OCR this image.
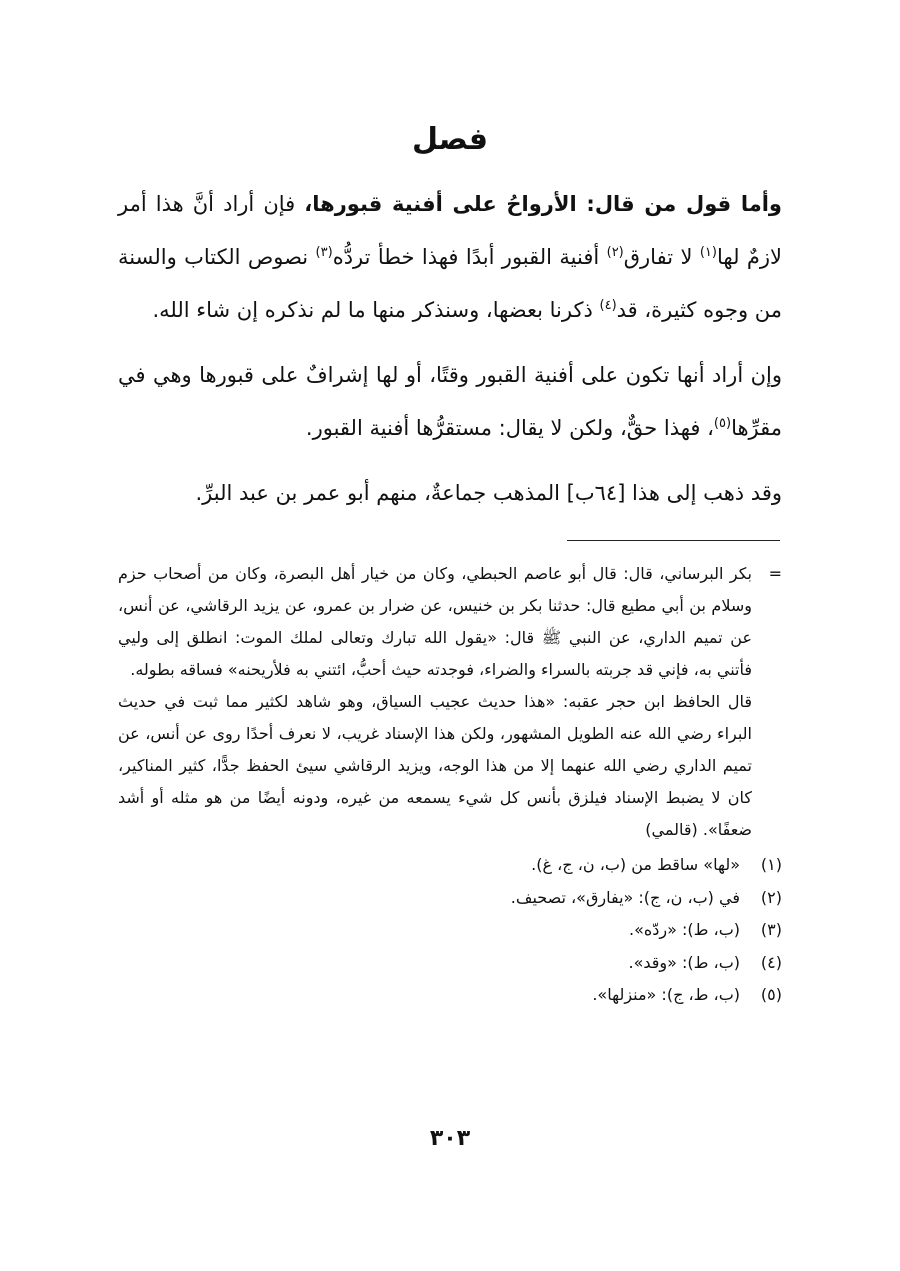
فصل

وأما قول من قال: الأرواحُ على أفنية قبورها، فإن أراد أنَّ هذا أمر لازمٌ لها$^{(١)}$ لا تفارق$^{(٢)}$ أفنية القبور أبدًا فهذا خطأ تردُّه$^{(٣)}$ نصوص الكتاب والسنة من وجوه كثيرة، قد$^{(٤)}$ ذكرنا بعضها، وسنذكر منها ما لم نذكره إن شاء الله.

وإن أراد أنها تكون على أفنية القبور وقتًا، أو لها إشرافٌ على قبورها وهي في مقرِّها$^{(٥)}$، فهذا حقٌّ، ولكن لا يقال: مستقرُّها أفنية القبور.

وقد ذهب إلى هذا [٦٤ب] المذهب جماعةٌ، منهم أبو عمر بن عبد البرِّ.

=
بكر البرساني، قال: قال أبو عاصم الحبطي، وكان من خيار أهل البصرة، وكان من أصحاب حزم وسلام بن أبي مطيع قال: حدثنا بكر بن خنيس، عن ضرار بن عمرو، عن يزيد الرقاشي، عن أنس، عن تميم الداري، عن النبي ﷺ قال: «يقول الله تبارك وتعالى لملك الموت: انطلق إلى وليي فأتني به، فإني قد جربته بالسراء والضراء، فوجدته حيث أحبُّ، ائتني به فلأريحنه» فساقه بطوله.

قال الحافظ ابن حجر عقبه: «هذا حديث عجيب السياق، وهو شاهد لكثير مما ثبت في حديث البراء رضي الله عنه الطويل المشهور، ولكن هذا الإسناد غريب، لا نعرف أحدًا روى عن أنس، عن تميم الداري رضي الله عنهما إلا من هذا الوجه، ويزيد الرقاشي سيئ الحفظ جدًّا، كثير المناكير، كان لا يضبط الإسناد فيلزق بأنس كل شيء يسمعه من غيره، ودونه أيضًا من هو مثله أو أشد ضعفًا». (قالمي)

(١)«لها» ساقط من (ب، ن، ج، غ).
(٢)في (ب، ن، ج): «يفارق»، تصحيف.
(٣)(ب، ط): «ردّه».
(٤)(ب، ط): «وقد».
(٥)(ب، ط، ج): «منزلها».

٣٠٣
